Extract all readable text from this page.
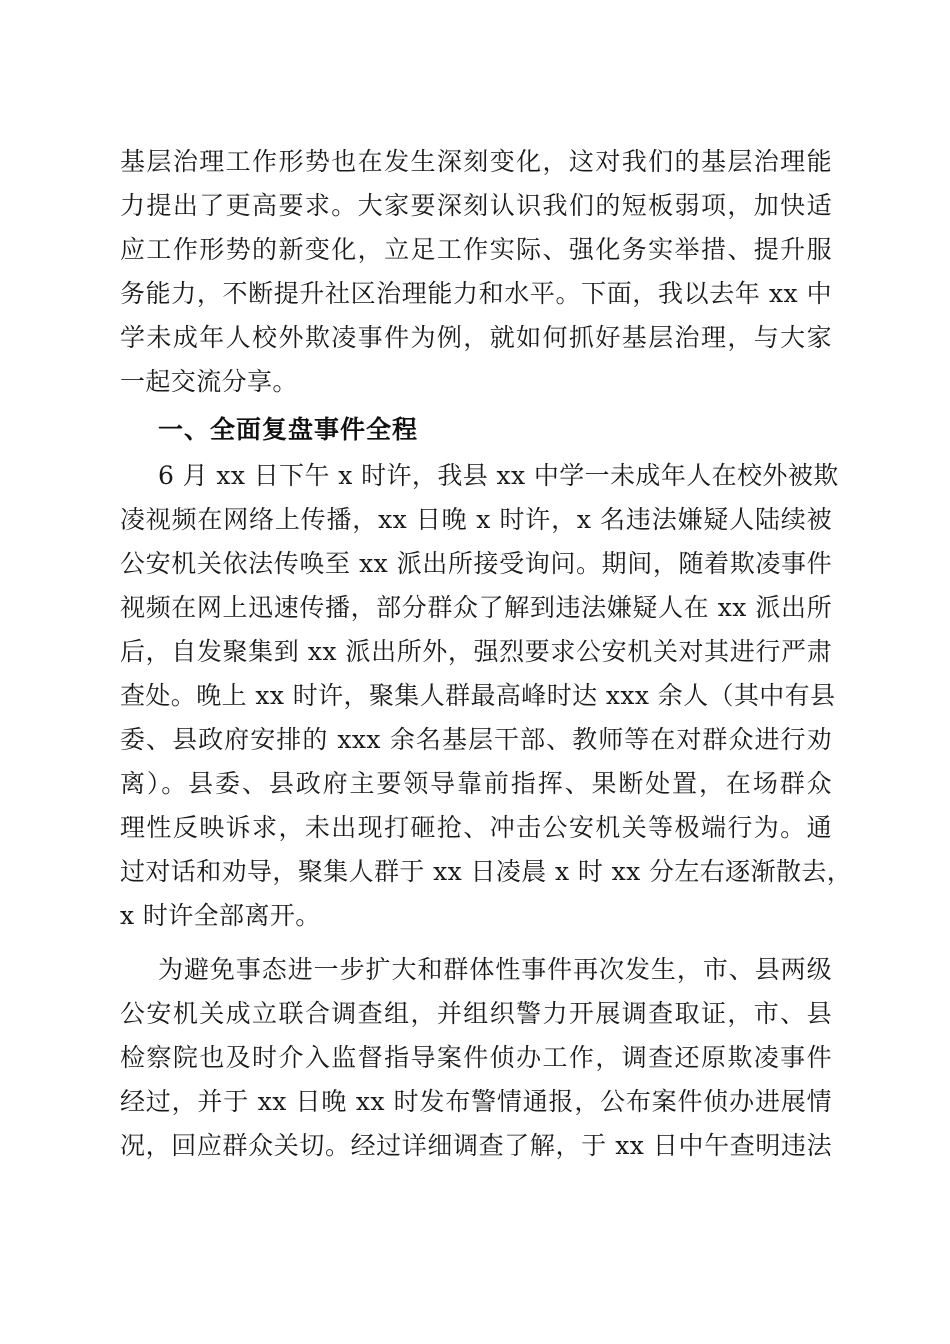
基层治理工作形势也在发生深刻变化，这对我们的基层治理能
力提出了更高要求。大家要深刻认识我们的短板弱项，加快适
应工作形势的新变化，立足工作实际、强化务实举措、提升服
务能力，不断提升社区治理能力和水平。下面，我以去年 xx 中
学未成年人校外欺凌事件为例，就如何抓好基层治理，与大家
一起交流分享。
一、全面复盘事件全程
6 月 xx 日下午 x 时许，我县 xx 中学一未成年人在校外被欺
凌视频在网络上传播，xx 日晚 x 时许，x 名违法嫌疑人陆续被
公安机关依法传唤至 xx 派出所接受询问。期间，随着欺凌事件
视频在网上迅速传播，部分群众了解到违法嫌疑人在 xx 派出所
后，自发聚集到 xx 派出所外，强烈要求公安机关对其进行严肃
查处。晚上 xx 时许，聚集人群最高峰时达 xxx 余人（其中有县
委、县政府安排的 xxx 余名基层干部、教师等在对群众进行劝
离）。县委、县政府主要领导靠前指挥、果断处置，在场群众
理性反映诉求，未出现打砸抢、冲击公安机关等极端行为。通
过对话和劝导，聚集人群于 xx 日凌晨 x 时 xx 分左右逐渐散去，
x 时许全部离开。
为避免事态进一步扩大和群体性事件再次发生，市、县两级
公安机关成立联合调查组，并组织警力开展调查取证，市、县
检察院也及时介入监督指导案件侦办工作，调查还原欺凌事件
经过，并于 xx 日晚 xx 时发布警情通报，公布案件侦办进展情
况，回应群众关切。经过详细调查了解，于 xx 日中午查明违法
